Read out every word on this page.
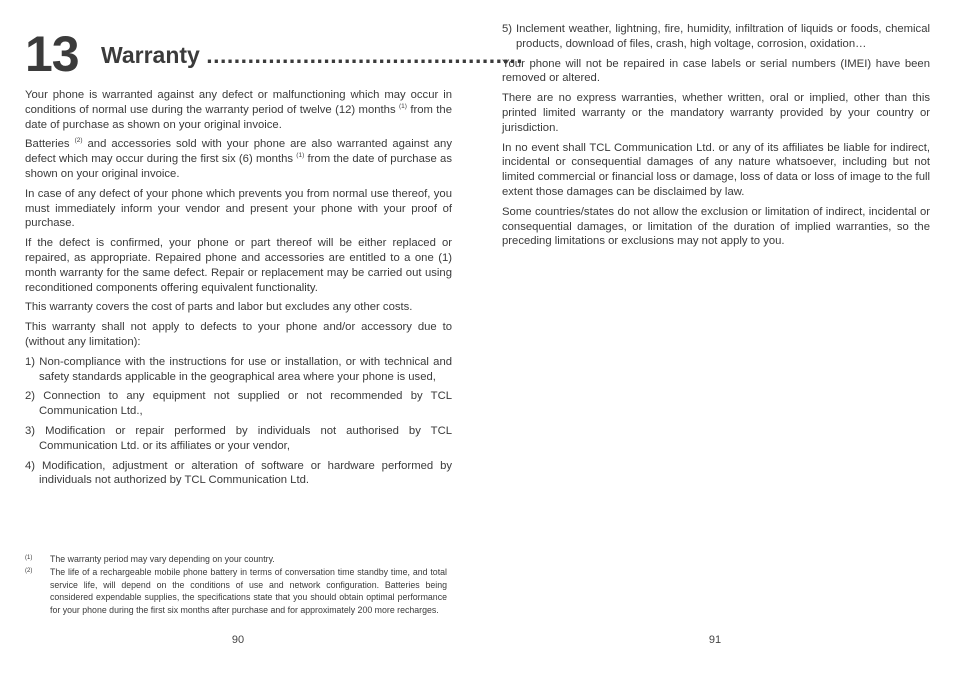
13 Warranty ..............................................

Your phone is warranted against any defect or malfunctioning which may occur in conditions of normal use during the warranty period of twelve (12) months $^{(1)}$ from the date of purchase as shown on your original invoice.

Batteries $^{(2)}$ and accessories sold with your phone are also warranted against any defect which may occur during the first six (6) months $^{(1)}$ from the date of purchase as shown on your original invoice.

In case of any defect of your phone which prevents you from normal use thereof, you must immediately inform your vendor and present your phone with your proof of purchase.

If the defect is confirmed, your phone or part thereof will be either replaced or repaired, as appropriate. Repaired phone and accessories are entitled to a one (1) month warranty for the same defect. Repair or replacement may be carried out using reconditioned components offering equivalent functionality.

This warranty covers the cost of parts and labor but excludes any other costs.

This warranty shall not apply to defects to your phone and/or accessory due to (without any limitation):

1) Non-compliance with the instructions for use or installation, or with technical and safety standards applicable in the geographical area where your phone is used,
2) Connection to any equipment not supplied or not recommended by TCL Communication Ltd.,
3) Modification or repair performed by individuals not authorised by TCL Communication Ltd. or its affiliates or your vendor,
4) Modification, adjustment or alteration of software or hardware performed by individuals not authorized by TCL Communication Ltd.
(1)	The warranty period may vary depending on your country.
(2)	The life of a rechargeable mobile phone battery in terms of conversation time standby time, and total service life, will depend on the conditions of use and network configuration. Batteries being considered expendable supplies, the specifications state that you should obtain optimal performance for your phone during the first six months after purchase and for approximately 200 more recharges.
90
5) Inclement weather, lightning, fire, humidity, infiltration of liquids or foods, chemical products, download of files, crash, high voltage, corrosion, oxidation…

Your phone will not be repaired in case labels or serial numbers (IMEI) have been removed or altered.

There are no express warranties, whether written, oral or implied, other than this printed limited warranty or the mandatory warranty provided by your country or jurisdiction.

In no event shall TCL Communication Ltd. or any of its affiliates be liable for indirect, incidental or consequential damages of any nature whatsoever, including but not limited commercial or financial loss or damage, loss of data or loss of image to the full extent those damages can be disclaimed by law.

Some countries/states do not allow the exclusion or limitation of indirect, incidental or consequential damages, or limitation of the duration of implied warranties, so the preceding limitations or exclusions may not apply to you.

91
